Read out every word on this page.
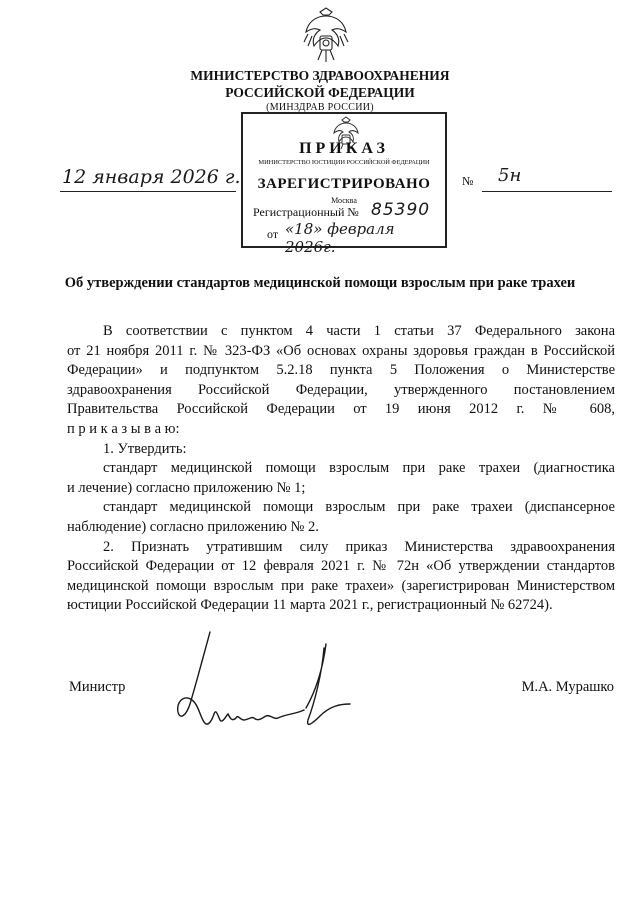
МИНИСТЕРСТВО ЗДРАВООХРАНЕНИЯ
РОССИЙСКОЙ ФЕДЕРАЦИИ
(МИНЗДРАВ РОССИИ)
ПРИКАЗ
МИНИСТЕРСТВО ЮСТИЦИИ РОССИЙСКОЙ ФЕДЕРАЦИИ
ЗАРЕГИСТРИРОВАНО
Москва
Регистрационный № 85390
от «18» февраля 2026г.
12 января 2026 г.	№ 5н
Об утверждении стандартов медицинской помощи взрослым при раке трахеи
В соответствии с пунктом 4 части 1 статьи 37 Федерального закона
от 21 ноября 2011 г. № 323-ФЗ «Об основах охраны здоровья граждан в Российской
Федерации» и подпунктом 5.2.18 пункта 5 Положения о Министерстве
здравоохранения Российской Федерации, утвержденного постановлением
Правительства Российской Федерации от 19 июня 2012 г. № 608,
п р и к а з ы в а ю:
1. Утвердить:
стандарт медицинской помощи взрослым при раке трахеи (диагностика
и лечение) согласно приложению № 1;
стандарт медицинской помощи взрослым при раке трахеи (диспансерное
наблюдение) согласно приложению № 2.
2. Признать утратившим силу приказ Министерства здравоохранения
Российской Федерации от 12 февраля 2021 г. № 72н «Об утверждении стандартов
медицинской помощи взрослым при раке трахеи» (зарегистрирован Министерством
юстиции Российской Федерации 11 марта 2021 г., регистрационный № 62724).
Министр	М.А. Мурашко
